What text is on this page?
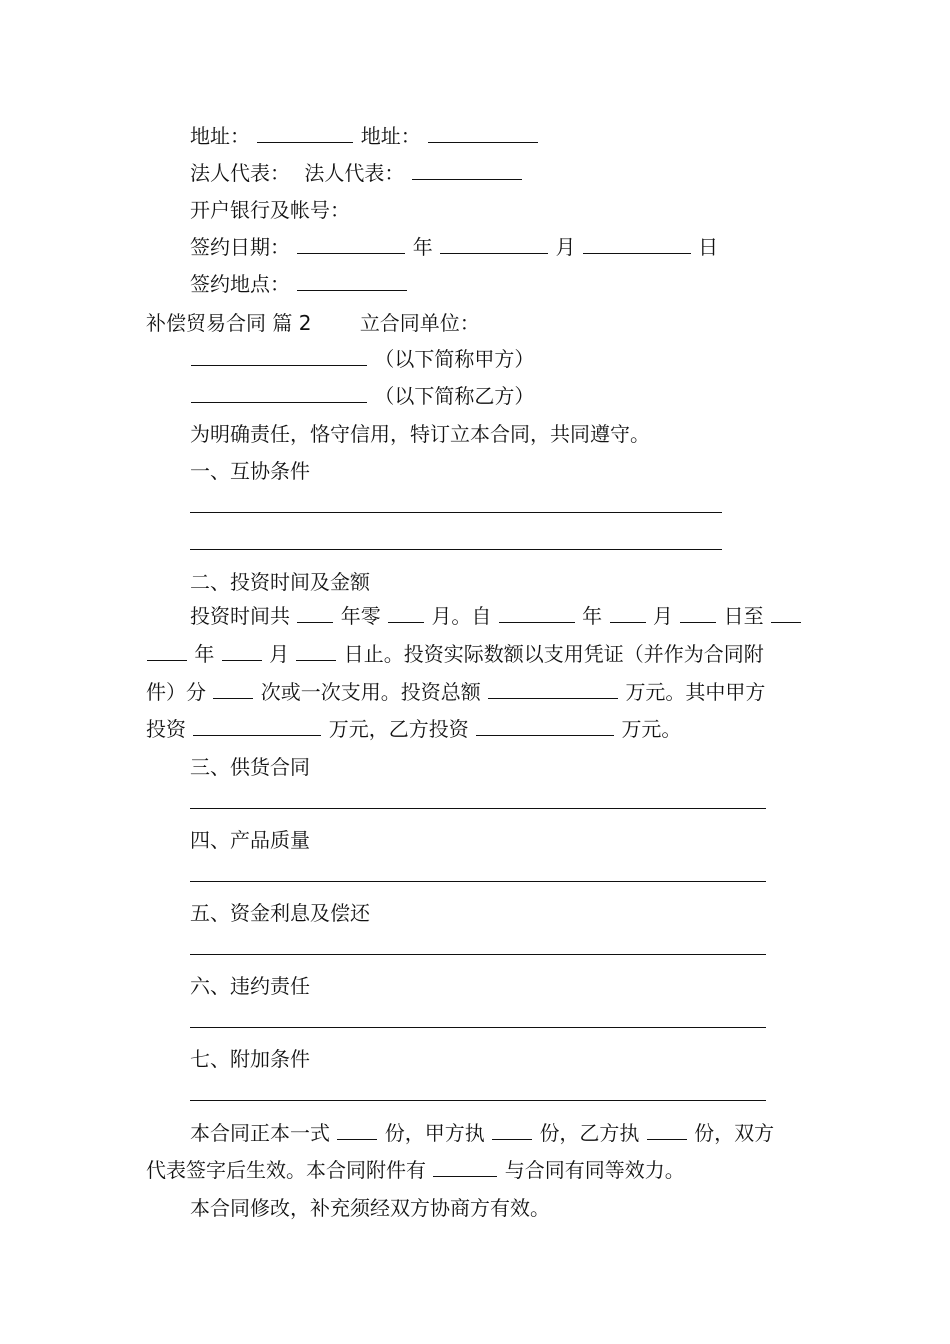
地址：	地址：
法人代表： 法人代表：
开户银行及帐号：
签约日期：	年	月	日
签约地点：
补偿贸易合同 篇 2 立合同单位：
（以下简称甲方）
（以下简称乙方）
为明确责任，恪守信用，特订立本合同，共同遵守。
一、互协条件
二、投资时间及金额
投资时间共	年零	月。自	年	月	日至
年	月	日止。投资实际数额以支用凭证（并作为合同附
件）分	次或一次支用。投资总额	万元。其中甲方
投资	万元，乙方投资	万元。
三、供货合同
四、产品质量
五、资金利息及偿还
六、违约责任
七、附加条件
本合同正本一式	份，甲方执	份，乙方执	份，双方
代表签字后生效。本合同附件有	与合同有同等效力。
本合同修改，补充须经双方协商方有效。
